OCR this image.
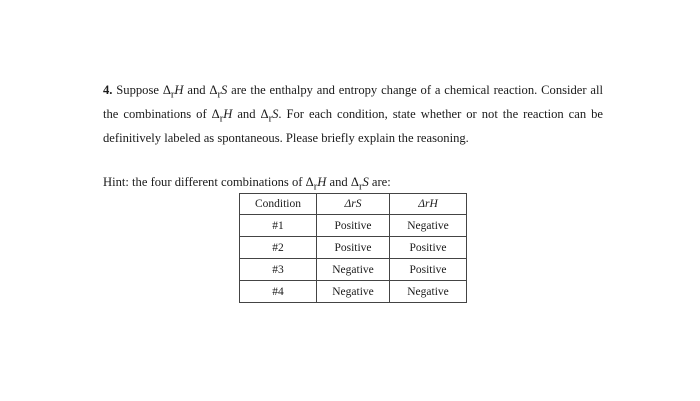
4. Suppose $\Delta_rH$ and $\Delta_rS$ are the enthalpy and entropy change of a chemical reaction. Consider all the combinations of $\Delta_rH$ and $\Delta_rS$. For each condition, state whether or not the reaction can be definitively labeled as spontaneous. Please briefly explain the reasoning.
Hint: the four different combinations of $\Delta_rH$ and $\Delta_rS$ are:
Condition	ΔrS	ΔrH
#1	Positive	Negative
#2	Positive	Positive
#3	Negative	Positive
#4	Negative	Negative
